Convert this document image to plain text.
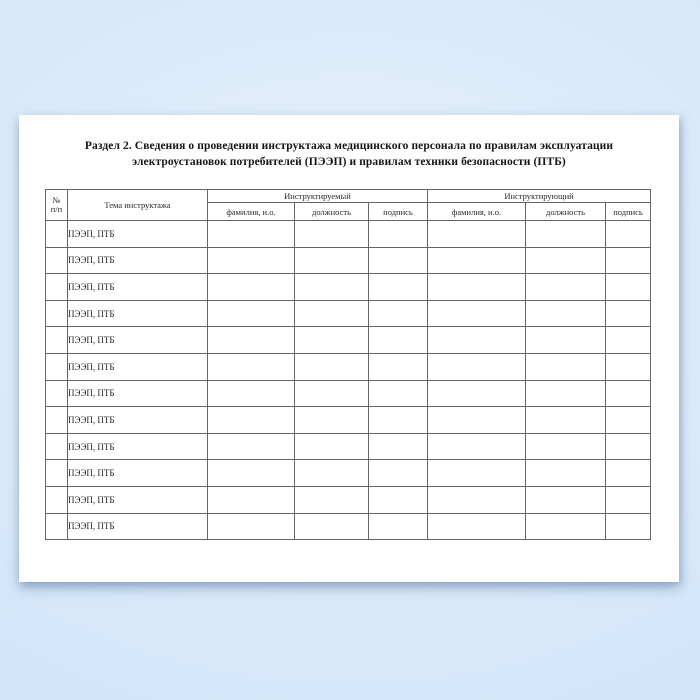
Раздел 2. Сведения о проведении инструктажа медицинского персонала по правилам эксплуатации
электроустановок потребителей (ПЭЭП) и правилам техники безопасности (ПТБ)
№
п/п	Тема инструктажа	Инструктируемый			Инструктирующий		
		фамилия, и.о.	должность	подпись	фамилия, и.о.	должность	подпись
	ПЭЭП, ПТБ						
	ПЭЭП, ПТБ						
	ПЭЭП, ПТБ						
	ПЭЭП, ПТБ						
	ПЭЭП, ПТБ						
	ПЭЭП, ПТБ						
	ПЭЭП, ПТБ						
	ПЭЭП, ПТБ						
	ПЭЭП, ПТБ						
	ПЭЭП, ПТБ						
	ПЭЭП, ПТБ						
	ПЭЭП, ПТБ						
